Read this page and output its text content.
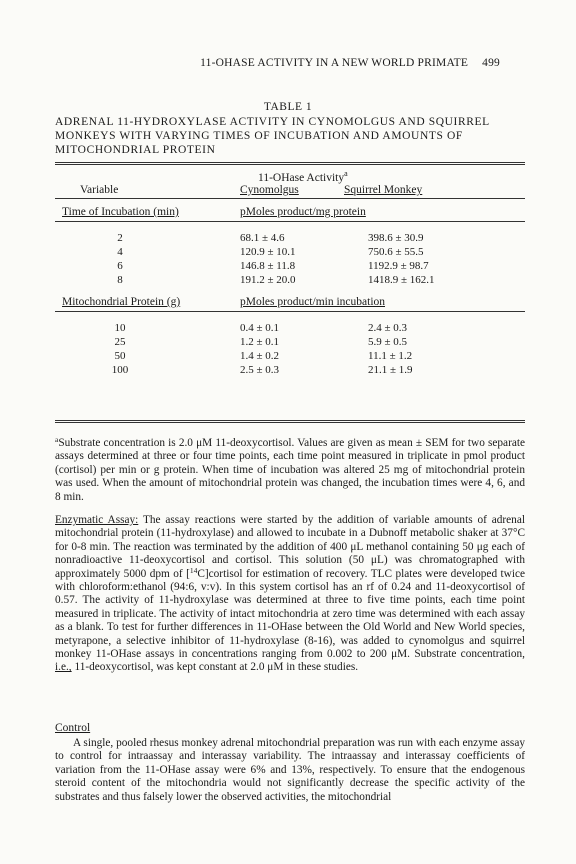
11-OHASE ACTIVITY IN A NEW WORLD PRIMATE 499
TABLE 1
ADRENAL 11-HYDROXYLASE ACTIVITY IN CYNOMOLGUS AND SQUIRREL MONKEYS WITH VARYING TIMES OF INCUBATION AND AMOUNTS OF MITOCHONDRIAL PROTEIN
11-OHase Activity$^a$
Variable	Cynomolgus	Squirrel Monkey
Time of Incubation (min)	pMoles product/mg protein
2	68.1 ± 4.6	398.6 ± 30.9
4	120.9 ± 10.1	750.6 ± 55.5
6	146.8 ± 11.8	1192.9 ± 98.7
8	191.2 ± 20.0	1418.9 ± 162.1
Mitochondrial Protein (g)	pMoles product/min incubation
10	0.4 ± 0.1	2.4 ± 0.3
25	1.2 ± 0.1	5.9 ± 0.5
50	1.4 ± 0.2	11.1 ± 1.2
100	2.5 ± 0.3	21.1 ± 1.9
$^a$Substrate concentration is 2.0 μM 11-deoxycortisol. Values are given as mean ± SEM for two separate assays determined at three or four time points, each time point measured in triplicate in pmol product (cortisol) per min or g protein. When time of incubation was altered 25 mg of mitochondrial protein was used. When the amount of mitochondrial protein was changed, the incubation times were 4, 6, and 8 min.

Enzymatic Assay: The assay reactions were started by the addition of variable amounts of adrenal mitochondrial protein (11-hydroxylase) and allowed to incubate in a Dubnoff metabolic shaker at 37°C for 0-8 min. The reaction was terminated by the addition of 400 μL methanol containing 50 μg each of nonradioactive 11-deoxycortisol and cortisol. This solution (50 μL) was chromatographed with approximately 5000 dpm of [$^{14}$C]cortisol for estimation of recovery. TLC plates were developed twice with chloroform:ethanol (94:6, v:v). In this system cortisol has an rf of 0.24 and 11-deoxycortisol of 0.57. The activity of 11-hydroxylase was determined at three to five time points, each time point measured in triplicate. The activity of intact mitochondria at zero time was determined with each assay as a blank. To test for further differences in 11-OHase between the Old World and New World species, metyrapone, a selective inhibitor of 11-hydroxylase (8-16), was added to cynomolgus and squirrel monkey 11-OHase assays in concentrations ranging from 0.002 to 200 μM. Substrate concentration, i.e., 11-deoxycortisol, was kept constant at 2.0 μM in these studies.

Control

A single, pooled rhesus monkey adrenal mitochondrial preparation was run with each enzyme assay to control for intraassay and interassay variability. The intraassay and interassay coefficients of variation from the 11-OHase assay were 6% and 13%, respectively. To ensure that the endogenous steroid content of the mitochondria would not significantly decrease the specific activity of the substrates and thus falsely lower the observed activities, the mitochondrial
